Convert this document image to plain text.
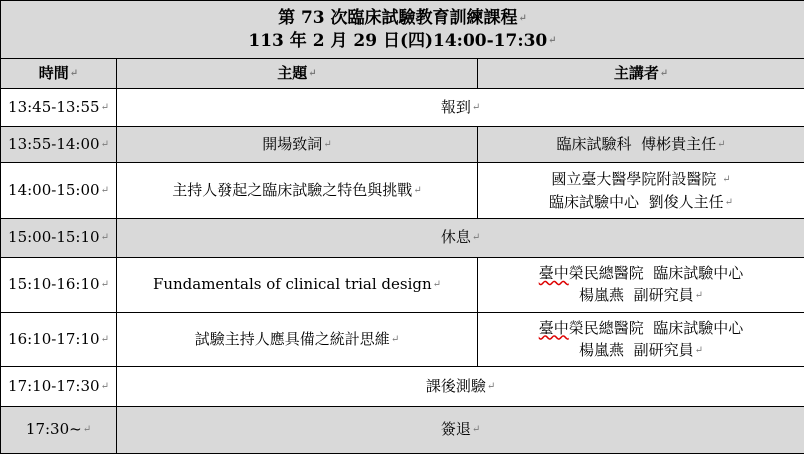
第 73 次臨床試驗教育訓練課程↵
113 年 2 月 29 日(四)14:00-17:30↵		

時間↵	主題↵	主講者↵
13:45-13:55↵	報到↵	
13:55-14:00↵	開場致詞↵	臨床試驗科  傅彬貴主任↵
14:00-15:00↵	主持人發起之臨床試驗之特色與挑戰↵	國立臺大醫學院附設醫院 ↵
臨床試驗中心  劉俊人主任↵

15:00-15:10↵	休息↵	
15:10-16:10↵	Fundamentals of clinical trial design↵	臺中榮民總醫院  臨床試驗中心
楊嵐燕  副研究員↵

16:10-17:10↵	試驗主持人應具備之統計思維↵	臺中榮民總醫院  臨床試驗中心
楊嵐燕  副研究員↵

17:10-17:30↵	課後測驗↵	
17:30~↵	簽退↵	
